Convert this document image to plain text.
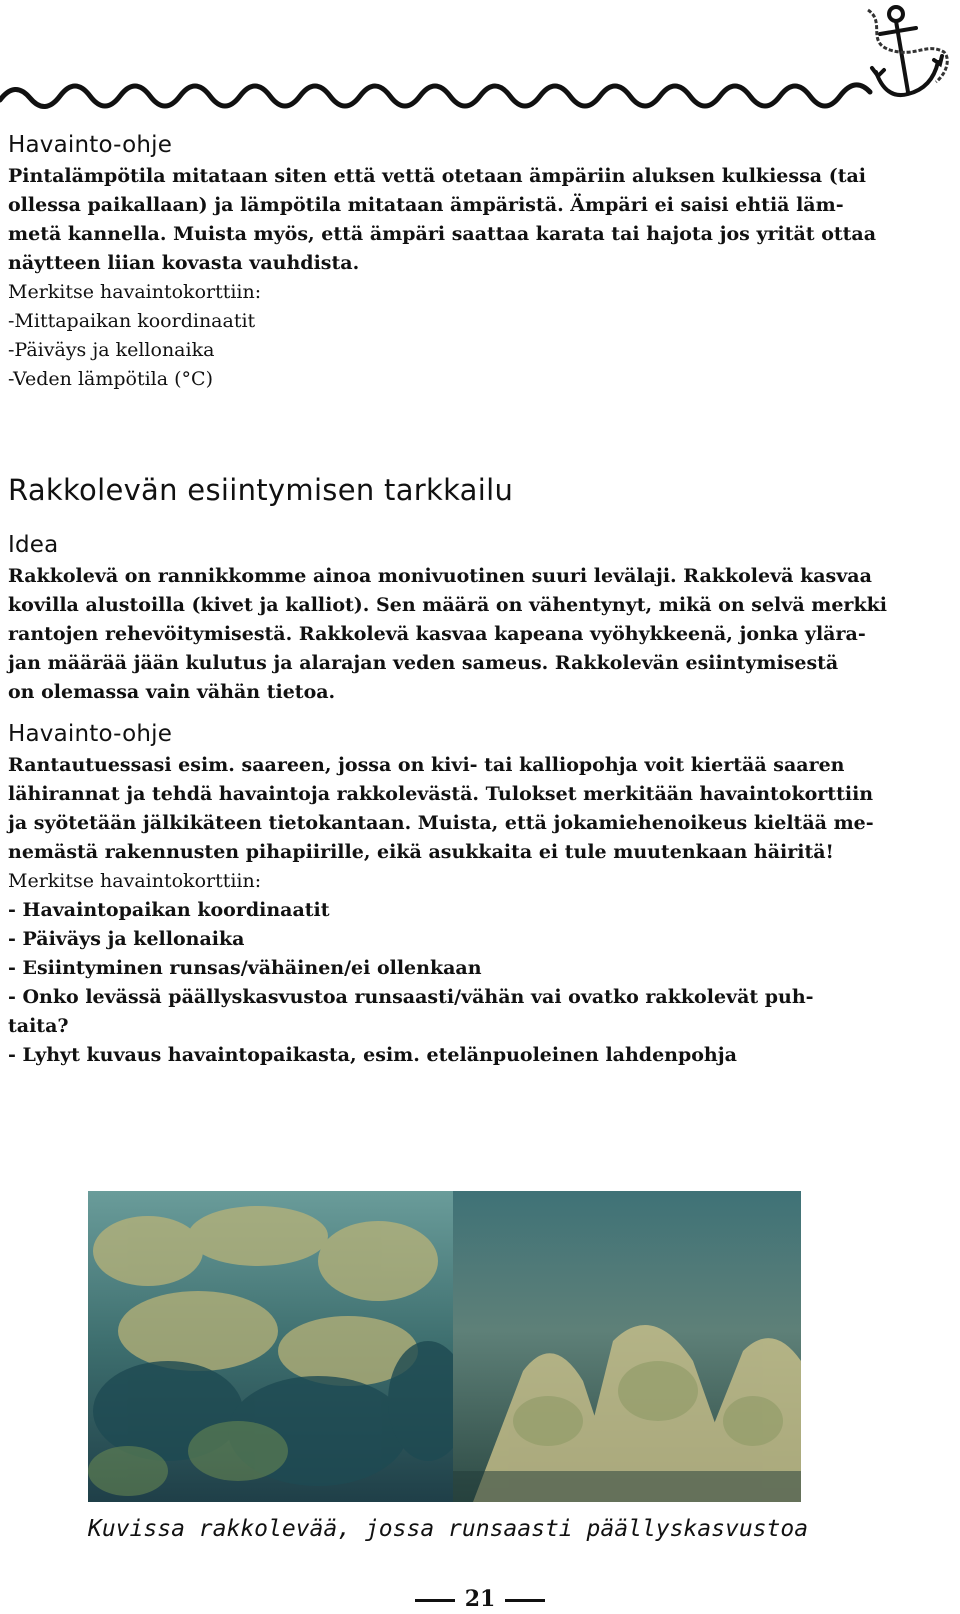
Havainto-ohje

Pintalämpötila mitataan siten että vettä otetaan ämpäriin aluksen kulkiessa (tai
ollessa paikallaan) ja lämpötila mitataan ämpäristä. Ämpäri ei saisi ehtiä läm-
metä kannella. Muista myös, että ämpäri saattaa karata tai hajota jos yrität ottaa
näytteen liian kovasta vauhdista.

Merkitse havaintokorttiin:
-Mittapaikan koordinaatit
-Päiväys ja kellonaika
-Veden lämpötila (°C)

Rakkolevän esiintymisen tarkkailu
Idea

Rakkolevä on rannikkomme ainoa monivuotinen suuri levälaji. Rakkolevä kasvaa
kovilla alustoilla (kivet ja kalliot). Sen määrä on vähentynyt, mikä on selvä merkki
rantojen rehevöitymisestä. Rakkolevä kasvaa kapeana vyöhykkeenä, jonka ylära-
jan määrää jään kulutus ja alarajan veden sameus. Rakkolevän esiintymisestä
on olemassa vain vähän tietoa.

Havainto-ohje

Rantautuessasi esim. saareen, jossa on kivi- tai kalliopohja voit kiertää saaren
lähirannat ja tehdä havaintoja rakkolevästä. Tulokset merkitään havaintokorttiin
ja syötetään jälkikäteen tietokantaan. Muista, että jokamiehenoikeus kieltää me-
nemästä rakennusten pihapiirille, eikä asukkaita ei tule muutenkaan häiritä!
Merkitse havaintokorttiin:
- Havaintopaikan koordinaatit
- Päiväys ja kellonaika
- Esiintyminen runsas/vähäinen/ei ollenkaan
- Onko levässä päällyskasvustoa runsaasti/vähän vai ovatko rakkolevät puh-
taita?
- Lyhyt kuvaus havaintopaikasta, esim. etelänpuoleinen lahdenpohja

Kuvissa rakkolevää, jossa runsaasti päällyskasvustoa

21
